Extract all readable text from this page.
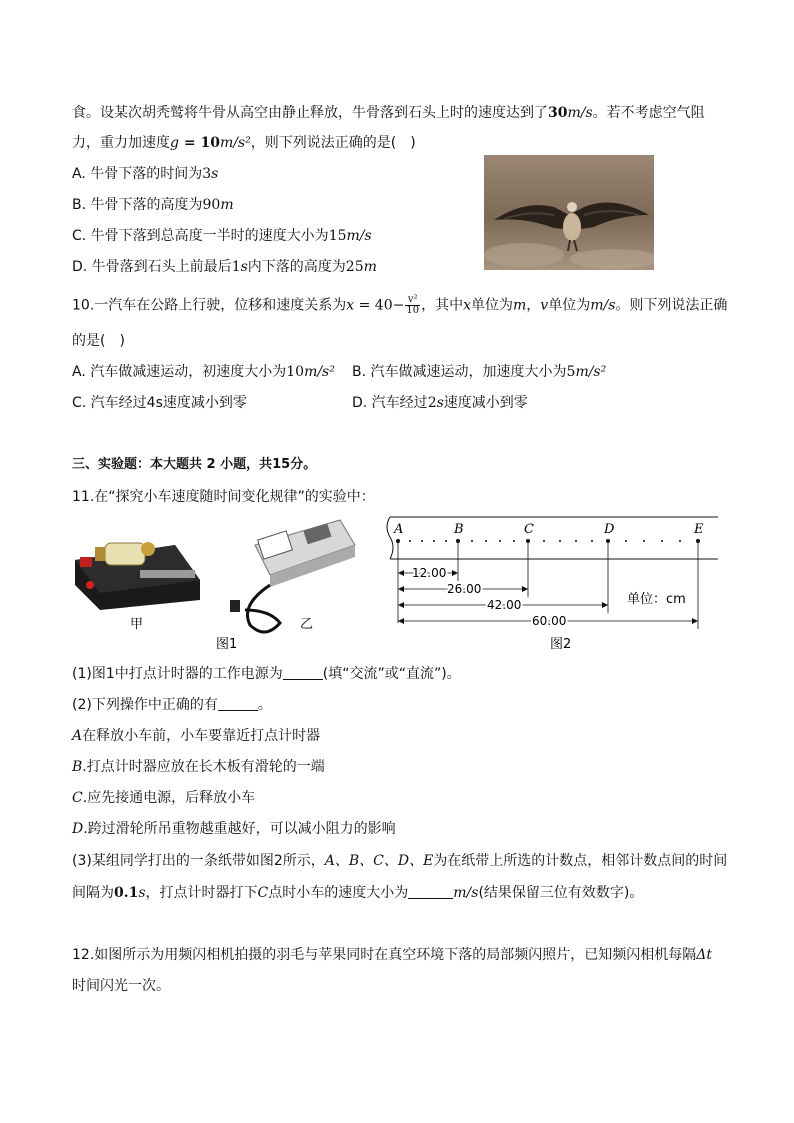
食。设某次胡秃鹫将牛骨从高空由静止释放，牛骨落到石头上时的速度达到了30m/s。若不考虑空气阻
力，重力加速度g = 10m/s²，则下列说法正确的是(　)
A. 牛骨下落的时间为3s
B. 牛骨下落的高度为90m
C. 牛骨下落到总高度一半时的速度大小为15m/s
D. 牛骨落到石头上前最后1s内下落的高度为25m
10.一汽车在公路上行驶，位移和速度关系为$x = 40- \frac{\text{v²}}{10}$ ，其中x单位为m，v单位为m/s。则下列说法正确
的是(　)
A. 汽车做减速运动，初速度大小为10m/s² B. 汽车做减速运动，加速度大小为5m/s²
C. 汽车经过4s速度减小到零	D. 汽车经过2s速度减小到零
三、实验题：本大题共 2 小题，共15分。
11.在“探究小车速度随时间变化规律”的实验中：
甲	乙
图1
A	B	C	D	E
12.00
26.00
42.00
60.00
单位：cm
图2
(1)图1中打点计时器的工作电源为	(填“交流”或“直流”)。
(2)下列操作中正确的有	。
A在释放小车前，小车要靠近打点计时器
B.打点计时器应放在长木板有滑轮的一端
C.应先接通电源，后释放小车
D.跨过滑轮所吊重物越重越好，可以减小阻力的影响
(3)某组同学打出的一条纸带如图2所示，A、B、C、D、E为在纸带上所选的计数点，相邻计数点间的时间
间隔为0.1s，打点计时器打下C点时小车的速度大小为	m/s(结果保留三位有效数字)。
12.如图所示为用频闪相机拍摄的羽毛与苹果同时在真空环境下落的局部频闪照片，已知频闪相机每隔Δt
时间闪光一次。
